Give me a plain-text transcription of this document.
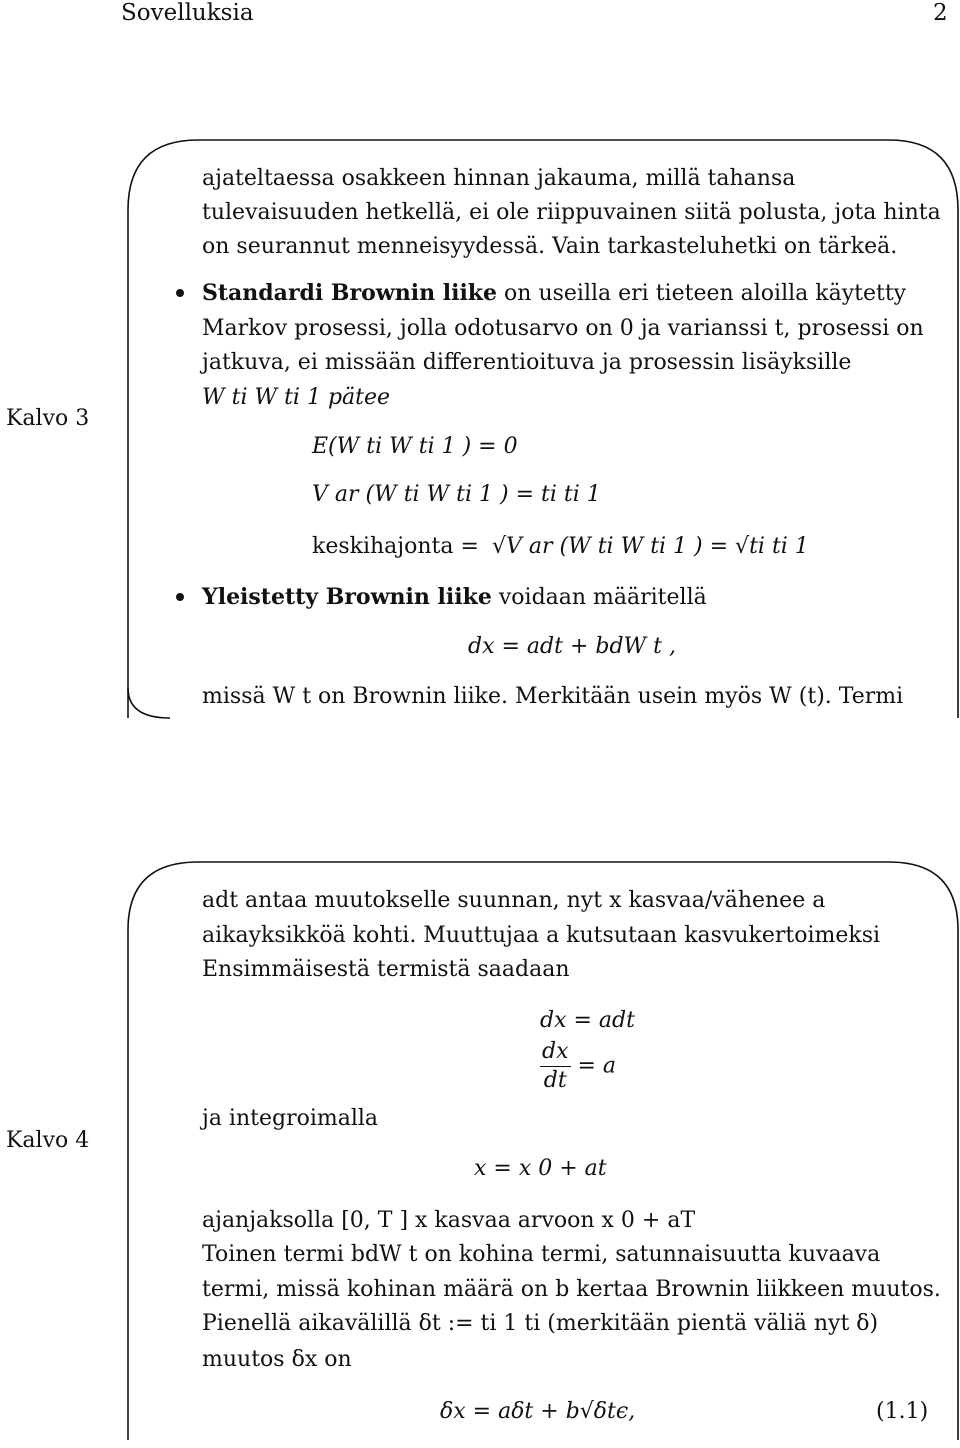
Sovelluksia	2
Kalvo 3
ajateltaessa osakkeen hinnan jakauma, millä tahansa
tulevaisuuden hetkellä, ei ole riippuvainen siitä polusta, jota hinta
on seurannut menneisyydessä. Vain tarkasteluhetki on tärkeä.
Standardi Brownin liike on useilla eri tieteen aloilla käytetty
Markov prosessi, jolla odotusarvo on 0 ja varianssi t, prosessi on
jatkuva, ei missään differentioituva ja prosessin lisäyksille
W ti W ti 1 pätee
E(W ti W ti 1 ) = 0
V ar (W ti W ti 1 ) = ti ti 1
keskihajonta = √V ar (W ti W ti 1 ) = √ti ti 1
Yleistetty Brownin liike voidaan määritellä
dx = adt + bdW t ,
missä W t on Brownin liike. Merkitään usein myös W (t). Termi
Kalvo 4
adt antaa muutokselle suunnan, nyt x kasvaa/vähenee a
aikayksikköä kohti. Muuttujaa a kutsutaan kasvukertoimeksi
Ensimmäisestä termistä saadaan
dx = adt
$\frac{dx}{dt} = a$
ja integroimalla
x = x 0 + at
ajanjaksolla [0, T ] x kasvaa arvoon x 0 + aT
Toinen termi bdW t on kohina termi, satunnaisuutta kuvaava
termi, missä kohinan määrä on b kertaa Brownin liikkeen muutos.
Pienellä aikavälillä δt := ti 1 ti (merkitään pientä väliä nyt δ)
muutos δx on
δx = aδt + b√δtϵ,	(1.1)
